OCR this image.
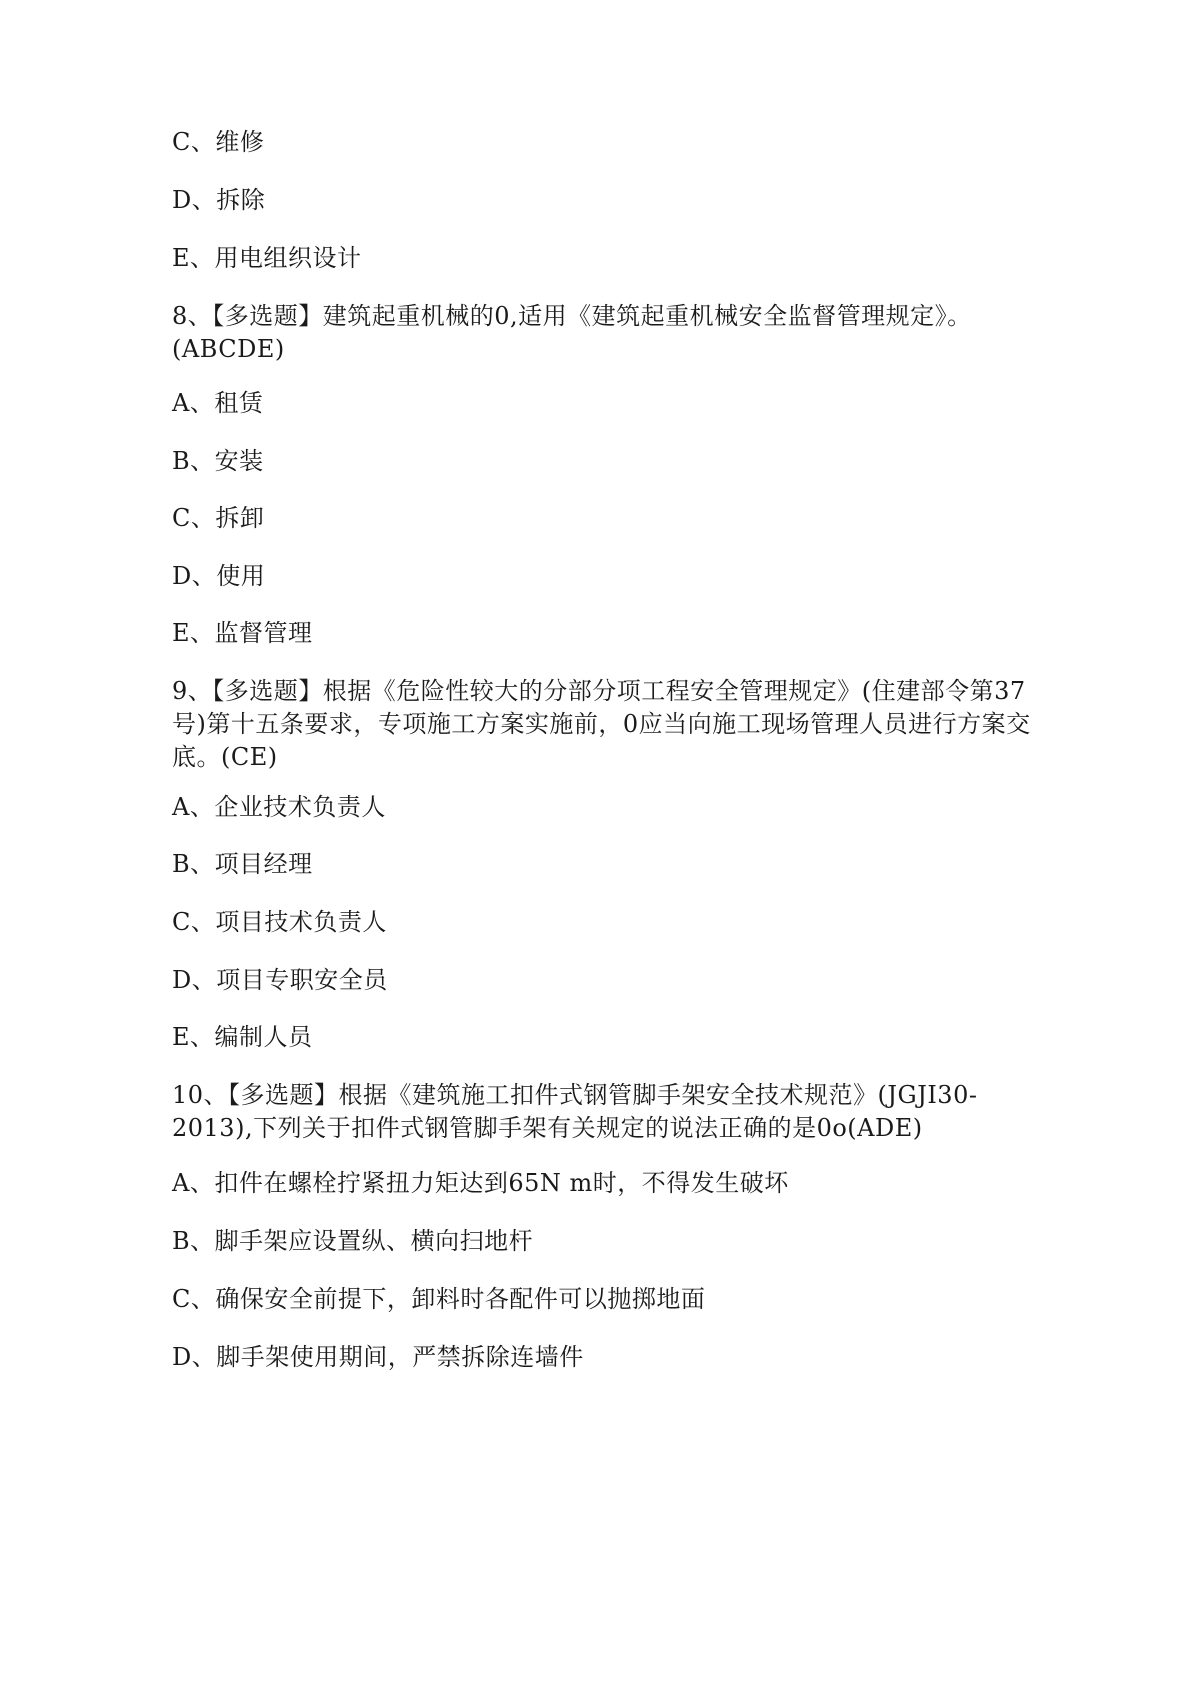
C、维修
D、拆除
E、用电组织设计
8、【多选题】建筑起重机械的0,适用《建筑起重机械安全监督管理规定》。
(ABCDE)
A、租赁
B、安装
C、拆卸
D、使用
E、监督管理
9、【多选题】根据《危险性较大的分部分项工程安全管理规定》(住建部令第37
号)第十五条要求，专项施工方案实施前，0应当向施工现场管理人员进行方案交
底。(CE)
A、企业技术负责人
B、项目经理
C、项目技术负责人
D、项目专职安全员
E、编制人员
10、【多选题】根据《建筑施工扣件式钢管脚手架安全技术规范》(JGJI30-
2013),下列关于扣件式钢管脚手架有关规定的说法正确的是0o(ADE)
A、扣件在螺栓拧紧扭力矩达到65N m时，不得发生破坏
B、脚手架应设置纵、横向扫地杆
C、确保安全前提下，卸料时各配件可以抛掷地面
D、脚手架使用期间，严禁拆除连墙件
